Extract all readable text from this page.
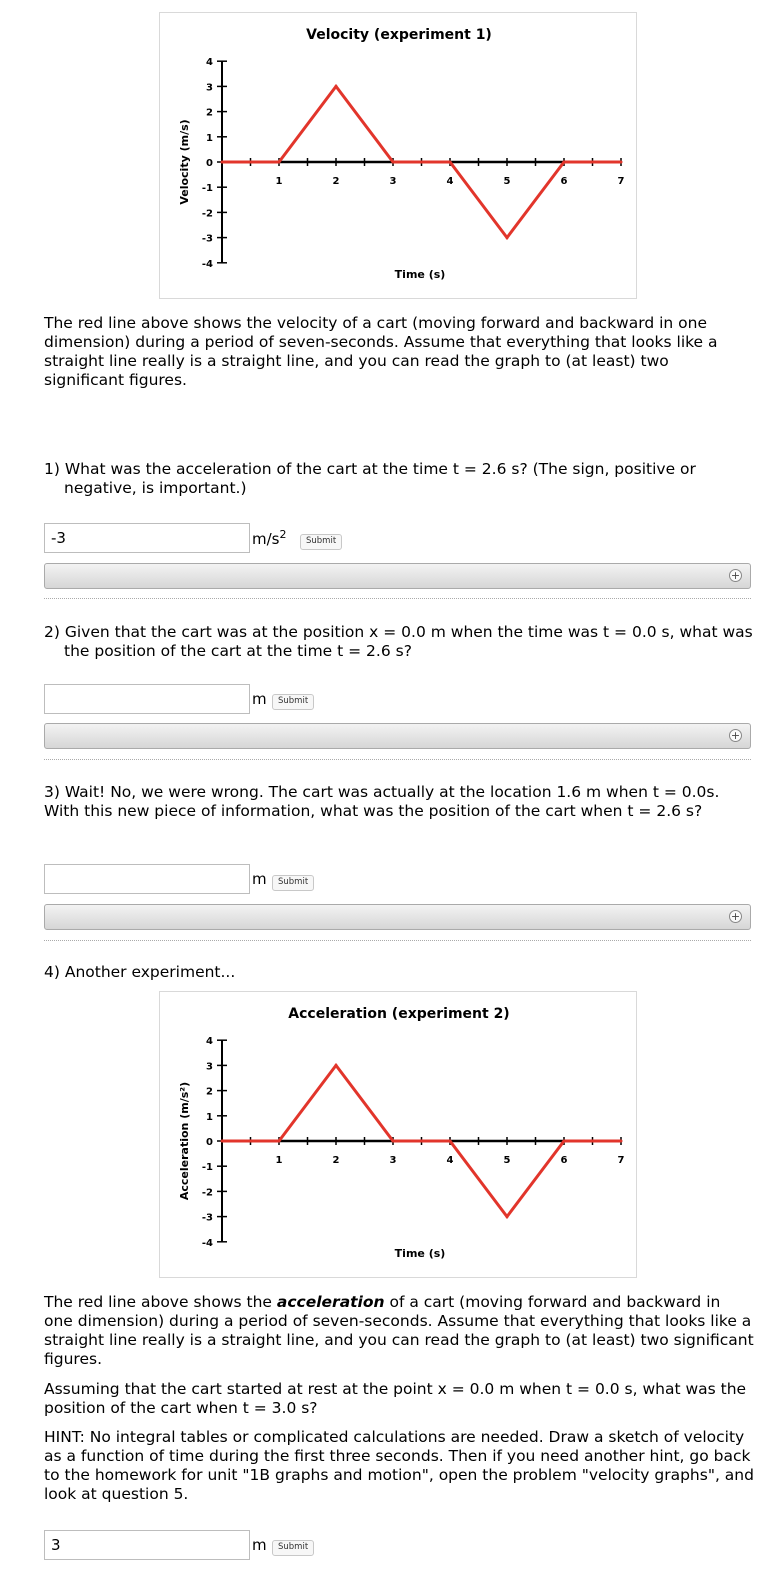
Velocity (experiment 1)
4
3
2
1
0
-1
-2
-3
-4
1	2	3	4	5	6	7
Time (s)
Velocity (m/s)
The red line above shows the velocity of a cart (moving forward and backward in one dimension) during a period of seven-seconds. Assume that everything that looks like a straight line really is a straight line, and you can read the graph to (at least) two significant figures.
1) What was the acceleration of the cart at the time t = 2.6 s? (The sign, positive or negative, is important.)
-3
$m/s^2$	Submit
+
2) Given that the cart was at the position x = 0.0 m when the time was t = 0.0 s, what was the position of the cart at the time t = 2.6 s?
m	Submit
+
3) Wait! No, we were wrong. The cart was actually at the location 1.6 m when t = 0.0s. With this new piece of information, what was the position of the cart when t = 2.6 s?
m	Submit
+
4) Another experiment...
Acceleration (experiment 2)
4
3
2
1
0
-1
-2
-3
-4
1	2	3	4	5	6	7
Time (s)
Acceleration (m/s²)
The red line above shows the acceleration of a cart (moving forward and backward in one dimension) during a period of seven-seconds. Assume that everything that looks like a straight line really is a straight line, and you can read the graph to (at least) two significant figures.
Assuming that the cart started at rest at the point x = 0.0 m when t = 0.0 s, what was the position of the cart when t = 3.0 s?
HINT: No integral tables or complicated calculations are needed. Draw a sketch of velocity as a function of time during the first three seconds. Then if you need another hint, go back to the homework for unit "1B graphs and motion", open the problem "velocity graphs", and look at question 5.
3
m	Submit
